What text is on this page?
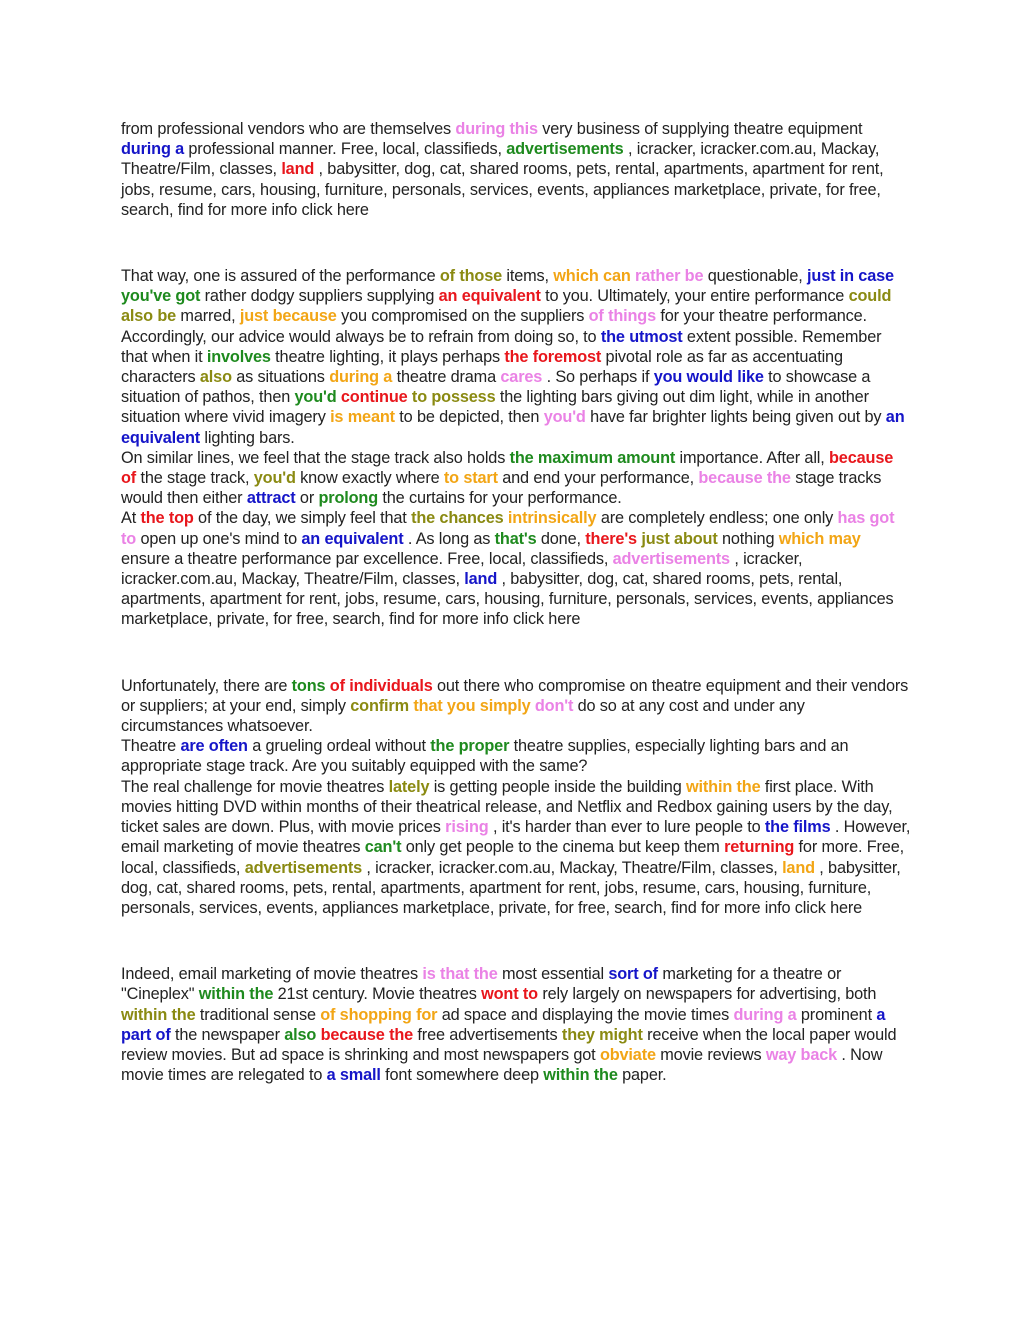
from professional vendors who are themselves during this very business of supplying theatre equipment during a professional manner. Free, local, classifieds, advertisements , icracker, icracker.com.au, Mackay, Theatre/Film, classes, land , babysitter, dog, cat, shared rooms, pets, rental, apartments, apartment for rent, jobs, resume, cars, housing, furniture, personals, services, events, appliances marketplace, private, for free, search, find for more info click here

That way, one is assured of the performance of those items, which can rather be questionable, just in case you've got rather dodgy suppliers supplying an equivalent to you. Ultimately, your entire performance could also be marred, just because you compromised on the suppliers of things for your theatre performance.

Accordingly, our advice would always be to refrain from doing so, to the utmost extent possible. Remember that when it involves theatre lighting, it plays perhaps the foremost pivotal role as far as accentuating characters also as situations during a theatre drama cares . So perhaps if you would like to showcase a situation of pathos, then you'd continue to possess the lighting bars giving out dim light, while in another situation where vivid imagery is meant to be depicted, then you'd have far brighter lights being given out by an equivalent lighting bars.

On similar lines, we feel that the stage track also holds the maximum amount importance. After all, because of the stage track, you'd know exactly where to start and end your performance, because the stage tracks would then either attract or prolong the curtains for your performance.

At the top of the day, we simply feel that the chances intrinsically are completely endless; one only has got to open up one's mind to an equivalent . As long as that's done, there's just about nothing which may ensure a theatre performance par excellence. Free, local, classifieds, advertisements , icracker, icracker.com.au, Mackay, Theatre/Film, classes, land , babysitter, dog, cat, shared rooms, pets, rental, apartments, apartment for rent, jobs, resume, cars, housing, furniture, personals, services, events, appliances marketplace, private, for free, search, find for more info click here

Unfortunately, there are tons of individuals out there who compromise on theatre equipment and their vendors or suppliers; at your end, simply confirm that you simply don't do so at any cost and under any circumstances whatsoever.

Theatre are often a grueling ordeal without the proper theatre supplies, especially lighting bars and an appropriate stage track. Are you suitably equipped with the same?

The real challenge for movie theatres lately is getting people inside the building within the first place. With movies hitting DVD within months of their theatrical release, and Netflix and Redbox gaining users by the day, ticket sales are down. Plus, with movie prices rising , it's harder than ever to lure people to the films . However, email marketing of movie theatres can't only get people to the cinema but keep them returning for more. Free, local, classifieds, advertisements , icracker, icracker.com.au, Mackay, Theatre/Film, classes, land , babysitter, dog, cat, shared rooms, pets, rental, apartments, apartment for rent, jobs, resume, cars, housing, furniture, personals, services, events, appliances marketplace, private, for free, search, find for more info click here

Indeed, email marketing of movie theatres is that the most essential sort of marketing for a theatre or "Cineplex" within the 21st century. Movie theatres wont to rely largely on newspapers for advertising, both within the traditional sense of shopping for ad space and displaying the movie times during a prominent a part of the newspaper also because the free advertisements they might receive when the local paper would review movies. But ad space is shrinking and most newspapers got obviate movie reviews way back . Now movie times are relegated to a small font somewhere deep within the paper.
